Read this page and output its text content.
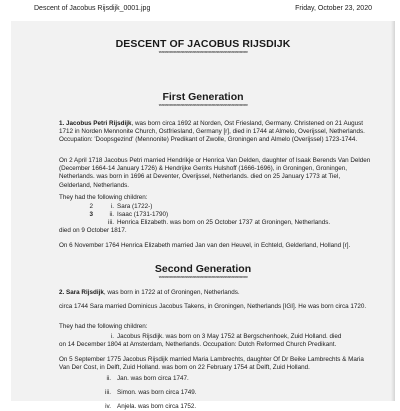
Descent of Jacobus Rijsdijk_0001.jpg	Friday, October 23, 2020
DESCENT OF JACOBUS RIJSDIJK
******************************************************************
First Generation
******************************************************************
1. Jacobus Petri Rijsdijk, was born circa 1692 at Norden, Ost Friesland, Germany. Christened on 21 August 1712 in Norden Mennonite Church, Ostfriesland, Germany [r], died in 1744 at Almelo, Overijssel, Netherlands. Occupation: 'Doopsgezind' (Mennonite) Predikant of Zwolle, Groningen and Almelo (Overijssel) 1723-1744.
On 2 April 1718 Jacobus Petri married Hendrikje or Henrica Van Delden, daughter of Isaak Berends Van Delden (December 1664-14 January 1726) & Hendrijke Gerrits Hulshoff (1666-1696), in Groningen, Groningen, Netherlands. was born in 1696 at Deventer, Overijssel, Netherlands. died on 25 January 1773 at Tiel, Gelderland, Netherlands.
They had the following children:
2	i. Sara (1722-)
3	ii. Isaac (1731-1790)
iii. Henrica Elizabeth. was born on 25 October 1737 at Groningen, Netherlands.
died on 9 October 1817.
On 6 November 1764 Henrica Elizabeth married Jan van den Heuvel, in Echteld, Gelderland, Holland [r].
Second Generation
******************************************************************
2. Sara Rijsdijk, was born in 1722 at of Groningen, Netherlands.
circa 1744 Sara married Dominicus Jacobus Takens, in Groningen, Netherlands [IGI]. He was born circa 1720.
They had the following children:
i. Jacobus Rijsdijk. was born on 3 May 1752 at Bergschenhoek, Zuid Holland. died
on 14 December 1804 at Amsterdam, Netherlands. Occupation: Dutch Reformed Church Predikant.
On 5 September 1775 Jacobus Rijsdijk married Maria Lambrechts, daughter Of Dr Beike Lambrechts & Maria Van Der Cost, in Delft, Zuid Holland. was born on 22 February 1754 at Delft, Zuid Holland.
ii. Jan. was born circa 1747.
iii. Simon. was born circa 1749.
iv. Anjela. was born circa 1752.
